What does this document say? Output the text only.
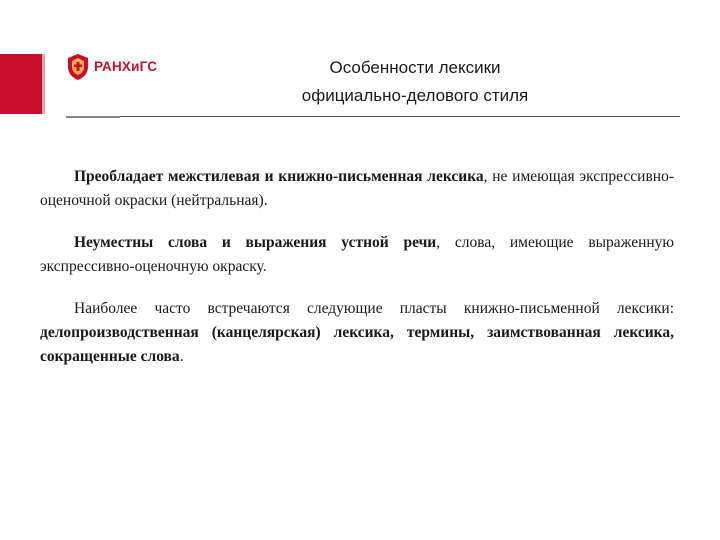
РАНХиГС	Особенности лексики
официально-делового стиля

Преобладает межстилевая и книжно-письменная лексика, не имеющая экспрессивно-оценочной окраски (нейтральная).

Неуместны слова и выражения устной речи, слова, имеющие выраженную экспрессивно-оценочную окраску.

Наиболее часто встречаются следующие пласты книжно-письменной лексики: делопроизводственная (канцелярская) лексика, термины, заимствованная лексика, сокращенные слова.
